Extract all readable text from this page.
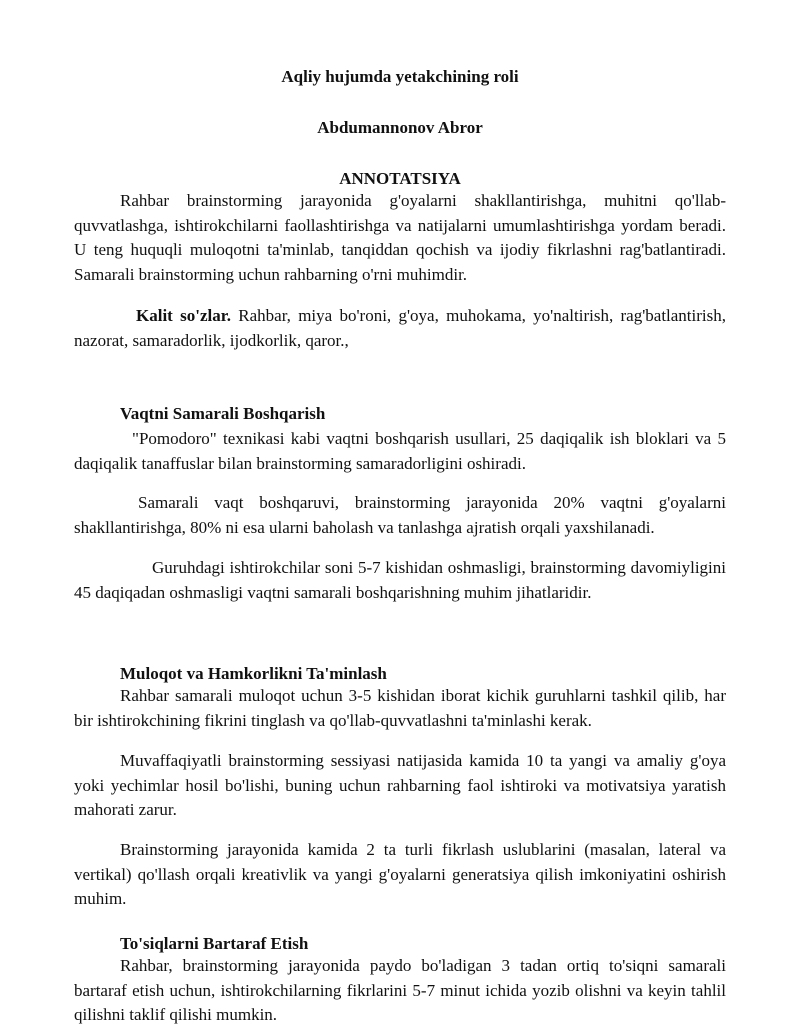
Aqliy hujumda yetakchining roli
Abdumannonov Abror
ANNOTATSIYA
Rahbar brainstorming jarayonida g'oyalarni shakllantirishga, muhitni qo'llab-quvvatlashga, ishtirokchilarni faollashtirishga va natijalarni umumlashtirishga yordam beradi. U teng huquqli muloqotni ta'minlab, tanqiddan qochish va ijodiy fikrlashni rag'batlantiradi. Samarali brainstorming uchun rahbarning o'rni muhimdir.
Kalit so'zlar. Rahbar, miya bo'roni, g'oya, muhokama, yo'naltirish, rag'batlantirish, nazorat, samaradorlik, ijodkorlik, qaror.,
Vaqtni Samarali Boshqarish
"Pomodoro" texnikasi kabi vaqtni boshqarish usullari, 25 daqiqalik ish bloklari va 5 daqiqalik tanaffuslar bilan brainstorming samaradorligini oshiradi.
Samarali vaqt boshqaruvi, brainstorming jarayonida 20% vaqtni g'oyalarni shakllantirishga, 80% ni esa ularni baholash va tanlashga ajratish orqali yaxshilanadi.
Guruhdagi ishtirokchilar soni 5-7 kishidan oshmasligi, brainstorming davomiyligini 45 daqiqadan oshmasligi vaqtni samarali boshqarishning muhim jihatlaridir.
Muloqot va Hamkorlikni Ta'minlash
Rahbar samarali muloqot uchun 3-5 kishidan iborat kichik guruhlarni tashkil qilib, har bir ishtirokchining fikrini tinglash va qo'llab-quvvatlashni ta'minlashi kerak.
Muvaffaqiyatli brainstorming sessiyasi natijasida kamida 10 ta yangi va amaliy g'oya yoki yechimlar hosil bo'lishi, buning uchun rahbarning faol ishtiroki va motivatsiya yaratish mahorati zarur.
Brainstorming jarayonida kamida 2 ta turli fikrlash uslublarini (masalan, lateral va vertikal) qo'llash orqali kreativlik va yangi g'oyalarni generatsiya qilish imkoniyatini oshirish muhim.
To'siqlarni Bartaraf Etish
Rahbar, brainstorming jarayonida paydo bo'ladigan 3 tadan ortiq to'siqni samarali bartaraf etish uchun, ishtirokchilarning fikrlarini 5-7 minut ichida yozib olishni va keyin tahlil qilishni taklif qilishi mumkin.
